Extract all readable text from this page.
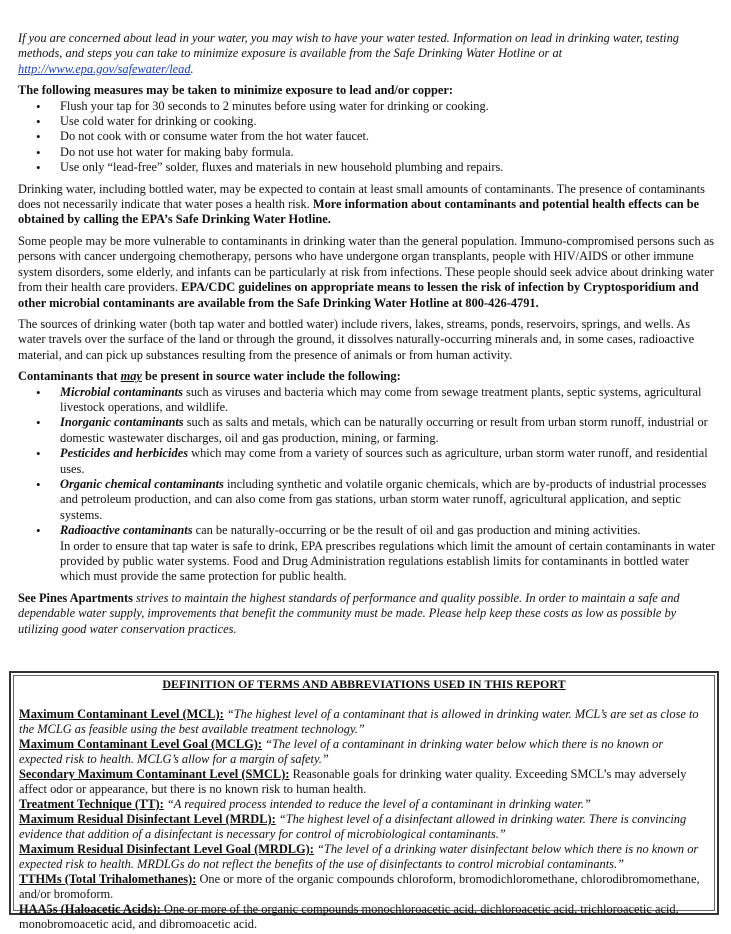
If you are concerned about lead in your water, you may wish to have your water tested. Information on lead in drinking water, testing methods, and steps you can take to minimize exposure is available from the Safe Drinking Water Hotline or at http://www.epa.gov/safewater/lead.

The following measures may be taken to minimize exposure to lead and/or copper:

• Flush your tap for 30 seconds to 2 minutes before using water for drinking or cooking.
• Use cold water for drinking or cooking.
• Do not cook with or consume water from the hot water faucet.
• Do not use hot water for making baby formula.
• Use only “lead-free” solder, fluxes and materials in new household plumbing and repairs.

Drinking water, including bottled water, may be expected to contain at least small amounts of contaminants. The presence of contaminants does not necessarily indicate that water poses a health risk. More information about contaminants and potential health effects can be obtained by calling the EPA’s Safe Drinking Water Hotline.

Some people may be more vulnerable to contaminants in drinking water than the general population. Immuno-compromised persons such as persons with cancer undergoing chemotherapy, persons who have undergone organ transplants, people with HIV/AIDS or other immune system disorders, some elderly, and infants can be particularly at risk from infections. These people should seek advice about drinking water from their health care providers. EPA/CDC guidelines on appropriate means to lessen the risk of infection by Cryptosporidium and other microbial contaminants are available from the Safe Drinking Water Hotline at 800-426-4791.

The sources of drinking water (both tap water and bottled water) include rivers, lakes, streams, ponds, reservoirs, springs, and wells. As water travels over the surface of the land or through the ground, it dissolves naturally-occurring minerals and, in some cases, radioactive material, and can pick up substances resulting from the presence of animals or from human activity.

Contaminants that may be present in source water include the following:

• Microbial contaminants such as viruses and bacteria which may come from sewage treatment plants, septic systems, agricultural livestock operations, and wildlife.
• Inorganic contaminants such as salts and metals, which can be naturally occurring or result from urban storm runoff, industrial or domestic wastewater discharges, oil and gas production, mining, or farming.
• Pesticides and herbicides which may come from a variety of sources such as agriculture, urban storm water runoff, and residential uses.
• Organic chemical contaminants including synthetic and volatile organic chemicals, which are by-products of industrial processes and petroleum production, and can also come from gas stations, urban storm water runoff, agricultural application, and septic systems.
• Radioactive contaminants can be naturally-occurring or be the result of oil and gas production and mining activities.
In order to ensure that tap water is safe to drink, EPA prescribes regulations which limit the amount of certain contaminants in water provided by public water systems. Food and Drug Administration regulations establish limits for contaminants in bottled water which must provide the same protection for public health.

See Pines Apartments strives to maintain the highest standards of performance and quality possible. In order to maintain a safe and dependable water supply, improvements that benefit the community must be made. Please help keep these costs as low as possible by utilizing good water conservation practices.

DEFINITION OF TERMS AND ABBREVIATIONS USED IN THIS REPORT

Maximum Contaminant Level (MCL): “The highest level of a contaminant that is allowed in drinking water. MCL’s are set as close to the MCLG as feasible using the best available treatment technology.”

Maximum Contaminant Level Goal (MCLG): “The level of a contaminant in drinking water below which there is no known or expected risk to health. MCLG’s allow for a margin of safety.”

Secondary Maximum Contaminant Level (SMCL): Reasonable goals for drinking water quality. Exceeding SMCL’s may adversely affect odor or appearance, but there is no known risk to human health.

Treatment Technique (TT): “A required process intended to reduce the level of a contaminant in drinking water.”

Maximum Residual Disinfectant Level (MRDL): “The highest level of a disinfectant allowed in drinking water. There is convincing evidence that addition of a disinfectant is necessary for control of microbiological contaminants.”

Maximum Residual Disinfectant Level Goal (MRDLG): “The level of a drinking water disinfectant below which there is no known or expected risk to health. MRDLGs do not reflect the benefits of the use of disinfectants to control microbial contaminants.”

TTHMs (Total Trihalomethanes): One or more of the organic compounds chloroform, bromodichloromethane, chlorodibromomethane, and/or bromoform.

HAA5s (Haloacetic Acids): One or more of the organic compounds monochloroacetic acid, dichloroacetic acid, trichloroacetic acid, monobromoacetic acid, and dibromoacetic acid.
